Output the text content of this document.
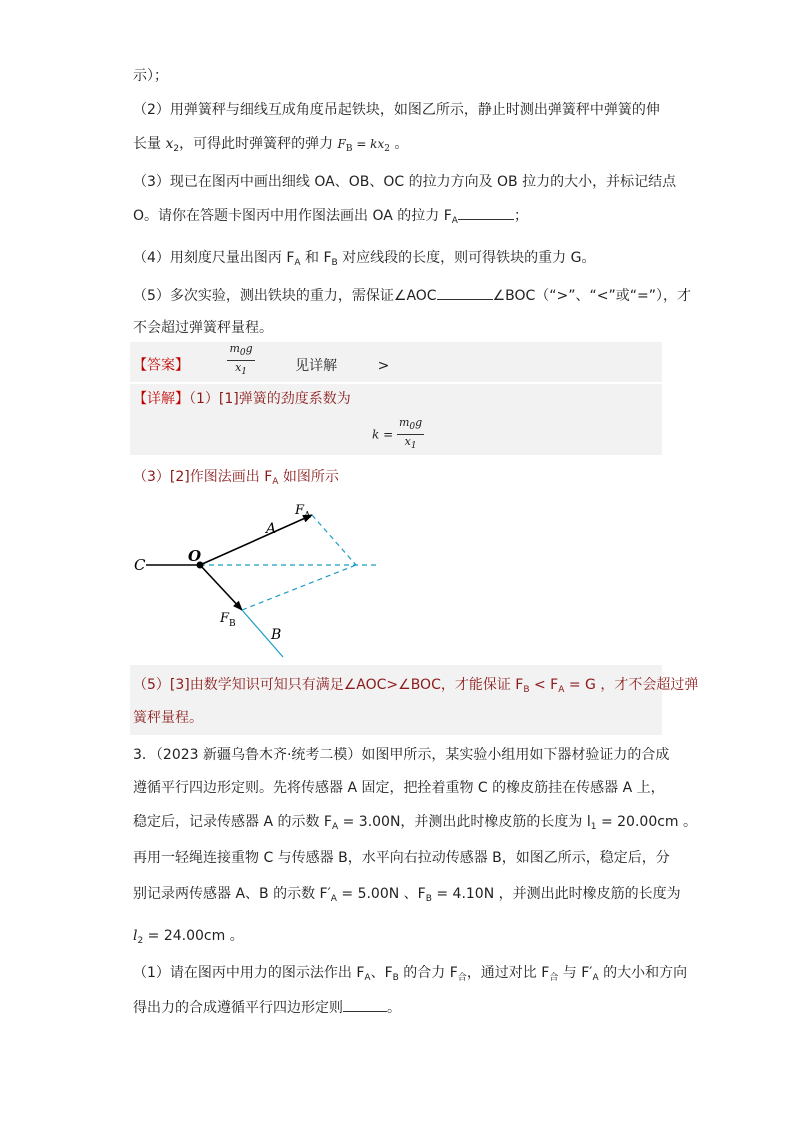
示）；
（2）用弹簧秤与细线互成角度吊起铁块，如图乙所示，静止时测出弹簧秤中弹簧的伸
长量 $x_2$，可得此时弹簧秤的弹力 $F_B = kx_2$ 。
（3）现已在图丙中画出细线 OA、OB、OC 的拉力方向及 OB 拉力的大小，并标记结点
O。请你在答题卡图丙中用作图法画出 OA 的拉力 $F_A$	；
（4）用刻度尺量出图丙 $F_A$ 和 $F_B$ 对应线段的长度，则可得铁块的重力 G。
（5）多次实验，测出铁块的重力，需保证∠AOC	∠BOC（“>”、“<”或“=”），才
不会超过弹簧秤量程。
【答案】	$\frac{m_0g}{x_1}$	见详解	>
【详解】（1）[1]弹簧的劲度系数为
$k = \frac{m_0g}{x_1}$
（3）[2]作图法画出 $F_A$ 如图所示
C	O
A
F A
F B
B
（5）[3]由数学知识可知只有满足∠AOC>∠BOC，才能保证 $F_B < F_A = G$ ，才不会超过弹
簧秤量程。
3．（2023 新疆乌鲁木齐·统考二模）如图甲所示，某实验小组用如下器材验证力的合成
遵循平行四边形定则。先将传感器 A 固定，把拴着重物 C 的橡皮筋挂在传感器 A 上，
稳定后，记录传感器 A 的示数 $F_A = 3.00N$，并测出此时橡皮筋的长度为 $l_1 = 20.00cm$ 。
再用一轻绳连接重物 C 与传感器 B，水平向右拉动传感器 B，如图乙所示，稳定后，分
别记录两传感器 A、B 的示数 $F'_A = 5.00N$ 、$F_B = 4.10N$ ，并测出此时橡皮筋的长度为
$l_2 = 24.00cm$ 。
（1）请在图丙中用力的图示法作出 $F_A$、$F_B$ 的合力 $F_合$，通过对比 $F_合$ 与 $F'_A$ 的大小和方向
得出力的合成遵循平行四边形定则	。
